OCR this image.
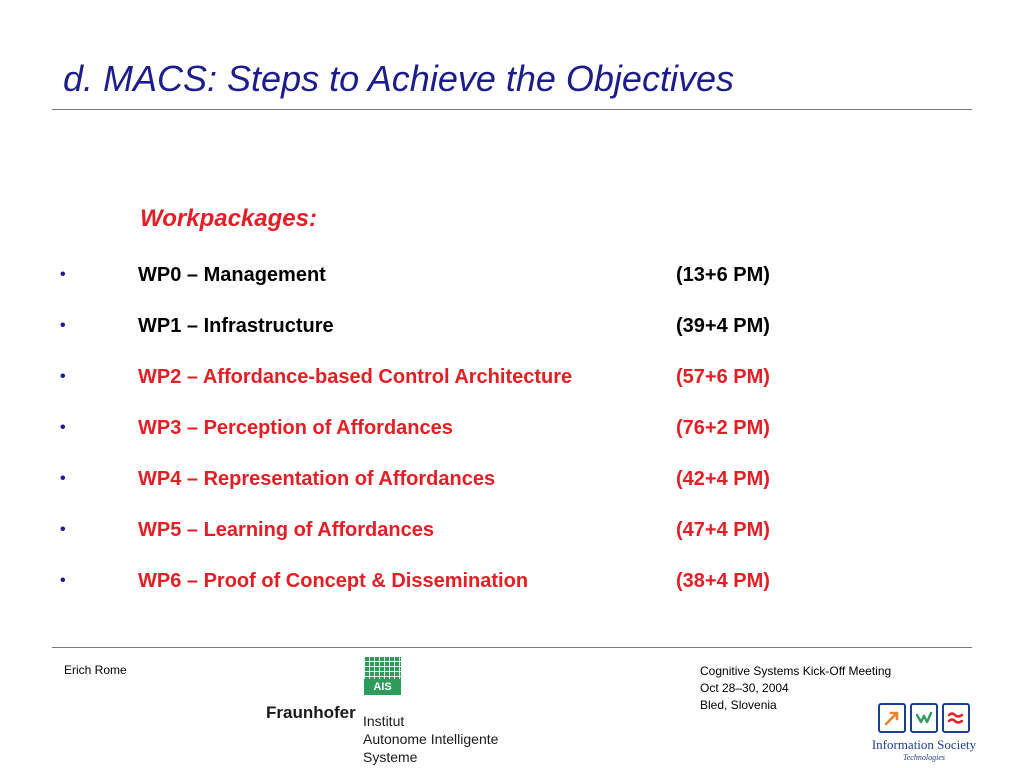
d. MACS: Steps to Achieve the Objectives
Workpackages:
•	WP0 – Management	(13+6 PM)
•	WP1 – Infrastructure	(39+4 PM)
•	WP2 – Affordance-based Control Architecture	(57+6 PM)
•	WP3 – Perception of Affordances	(76+2 PM)
•	WP4 – Representation of Affordances	(42+4 PM)
•	WP5 – Learning of Affordances	(47+4 PM)
•	WP6 – Proof of Concept & Dissemination	(38+4 PM)
Erich Rome	Cognitive Systems Kick-Off Meeting
Oct 28–30, 2004
Bled, Slovenia
AIS
Fraunhofer Institut
Autonome Intelligente
Systeme
Information Society
Technologies
